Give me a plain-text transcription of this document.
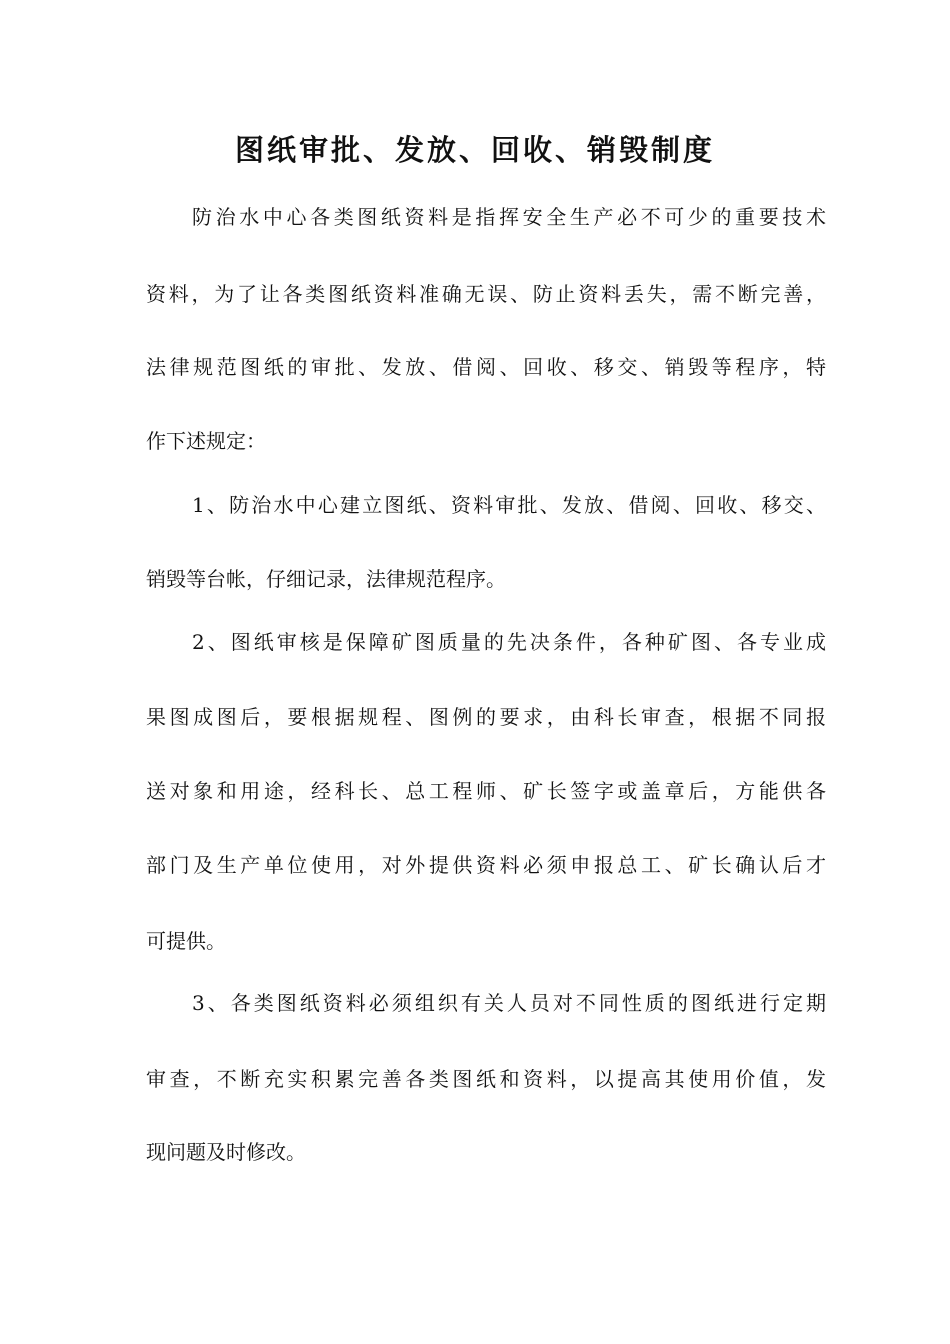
图纸审批、发放、回收、销毁制度

防治水中心各类图纸资料是指挥安全生产必不可少的重要技术

资料，为了让各类图纸资料准确无误、防止资料丢失，需不断完善，

法律规范图纸的审批、发放、借阅、回收、移交、销毁等程序，特

作下述规定：

1、防治水中心建立图纸、资料审批、发放、借阅、回收、移交、

销毁等台帐，仔细记录，法律规范程序。

2、图纸审核是保障矿图质量的先决条件，各种矿图、各专业成

果图成图后，要根据规程、图例的要求，由科长审查，根据不同报

送对象和用途，经科长、总工程师、矿长签字或盖章后，方能供各

部门及生产单位使用，对外提供资料必须申报总工、矿长确认后才

可提供。

3、各类图纸资料必须组织有关人员对不同性质的图纸进行定期

审查，不断充实积累完善各类图纸和资料，以提高其使用价值，发

现问题及时修改。
